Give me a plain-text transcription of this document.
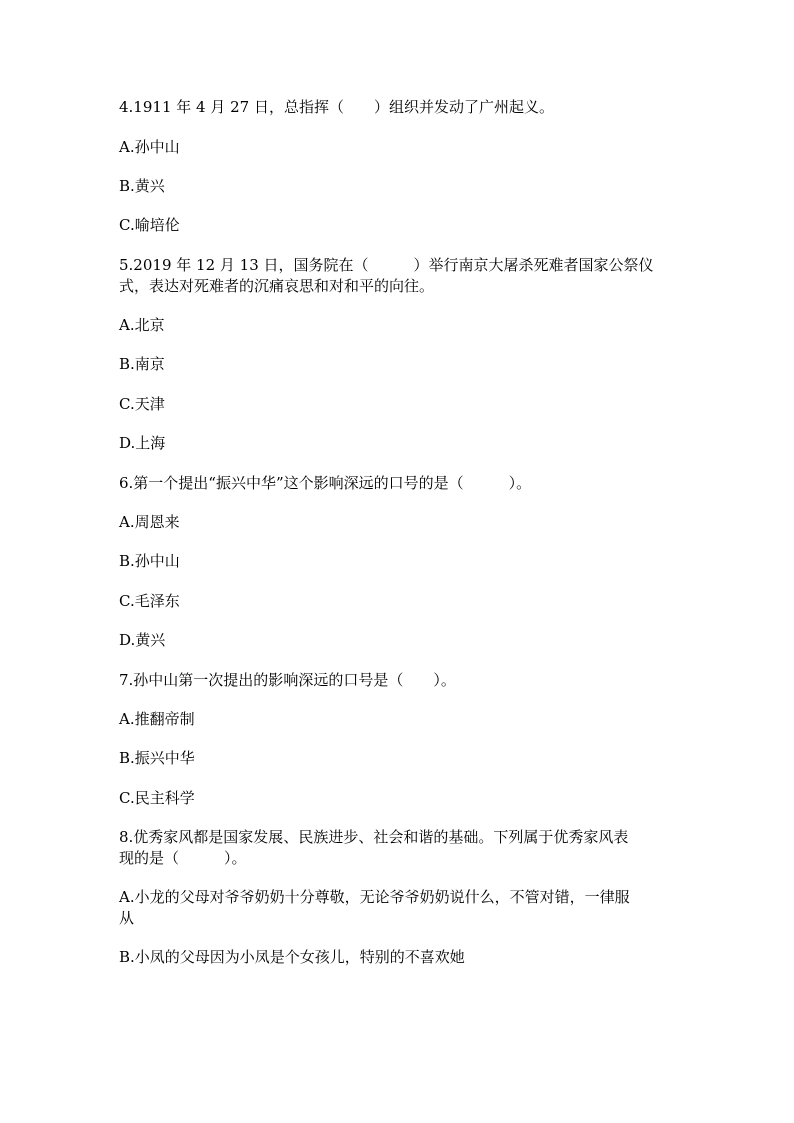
4.1911 年 4 月 27 日，总指挥（　　）组织并发动了广州起义。
A.孙中山
B.黄兴
C.喻培伦
5.2019 年 12 月 13 日，国务院在（　　　）举行南京大屠杀死难者国家公祭仪
式，表达对死难者的沉痛哀思和对和平的向往。
A.北京
B.南京
C.天津
D.上海
6.第一个提出“振兴中华”这个影响深远的口号的是（　　　）。
A.周恩来
B.孙中山
C.毛泽东
D.黄兴
7.孙中山第一次提出的影响深远的口号是（　　）。
A.推翻帝制
B.振兴中华
C.民主科学
8.优秀家风都是国家发展、民族进步、社会和谐的基础。下列属于优秀家风表
现的是（　　　）。
A.小龙的父母对爷爷奶奶十分尊敬，无论爷爷奶奶说什么，不管对错，一律服
从
B.小凤的父母因为小凤是个女孩儿，特别的不喜欢她
